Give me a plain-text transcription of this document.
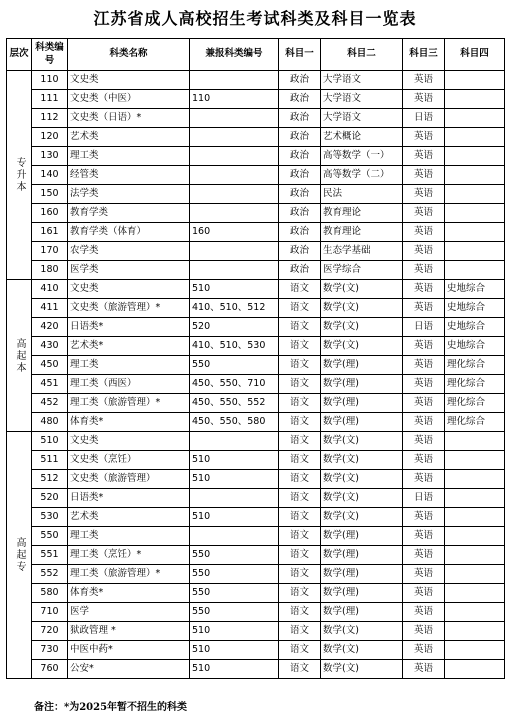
江苏省成人高校招生考试科类及科目一览表
层次	科类编号	科类名称	兼报科类编号	科目一	科目二	科目三	科目四
专升本	110	文史类		政治	大学语文	英语	
	111	文史类（中医）	110	政治	大学语文	英语	
	112	文史类（日语）*		政治	大学语文	日语	
	120	艺术类		政治	艺术概论	英语	
	130	理工类		政治	高等数学（一）	英语	
	140	经管类		政治	高等数学（二）	英语	
	150	法学类		政治	民法	英语	
	160	教育学类		政治	教育理论	英语	
	161	教育学类（体育）	160	政治	教育理论	英语	
	170	农学类		政治	生态学基础	英语	
	180	医学类		政治	医学综合	英语	
高起本	410	文史类	510	语文	数学(文)	英语	史地综合
	411	文史类（旅游管理）*	410、510、512	语文	数学(文)	英语	史地综合
	420	日语类*	520	语文	数学(文)	日语	史地综合
	430	艺术类*	410、510、530	语文	数学(文)	英语	史地综合
	450	理工类	550	语文	数学(理)	英语	理化综合
	451	理工类（西医）	450、550、710	语文	数学(理)	英语	理化综合
	452	理工类（旅游管理）*	450、550、552	语文	数学(理)	英语	理化综合
	480	体育类*	450、550、580	语文	数学(理)	英语	理化综合
高起专	510	文史类		语文	数学(文)	英语	
	511	文史类（烹饪）	510	语文	数学(文)	英语	
	512	文史类（旅游管理）	510	语文	数学(文)	英语	
	520	日语类*		语文	数学(文)	日语	
	530	艺术类	510	语文	数学(文)	英语	
	550	理工类		语文	数学(理)	英语	
	551	理工类（烹饪）*	550	语文	数学(理)	英语	
	552	理工类（旅游管理）*	550	语文	数学(理)	英语	
	580	体育类*	550	语文	数学(理)	英语	
	710	医学	550	语文	数学(理)	英语	
	720	狱政管理 *	510	语文	数学(文)	英语	
	730	中医中药*	510	语文	数学(文)	英语	
	760	公安*	510	语文	数学(文)	英语	
备注：*为2025年暂不招生的科类
